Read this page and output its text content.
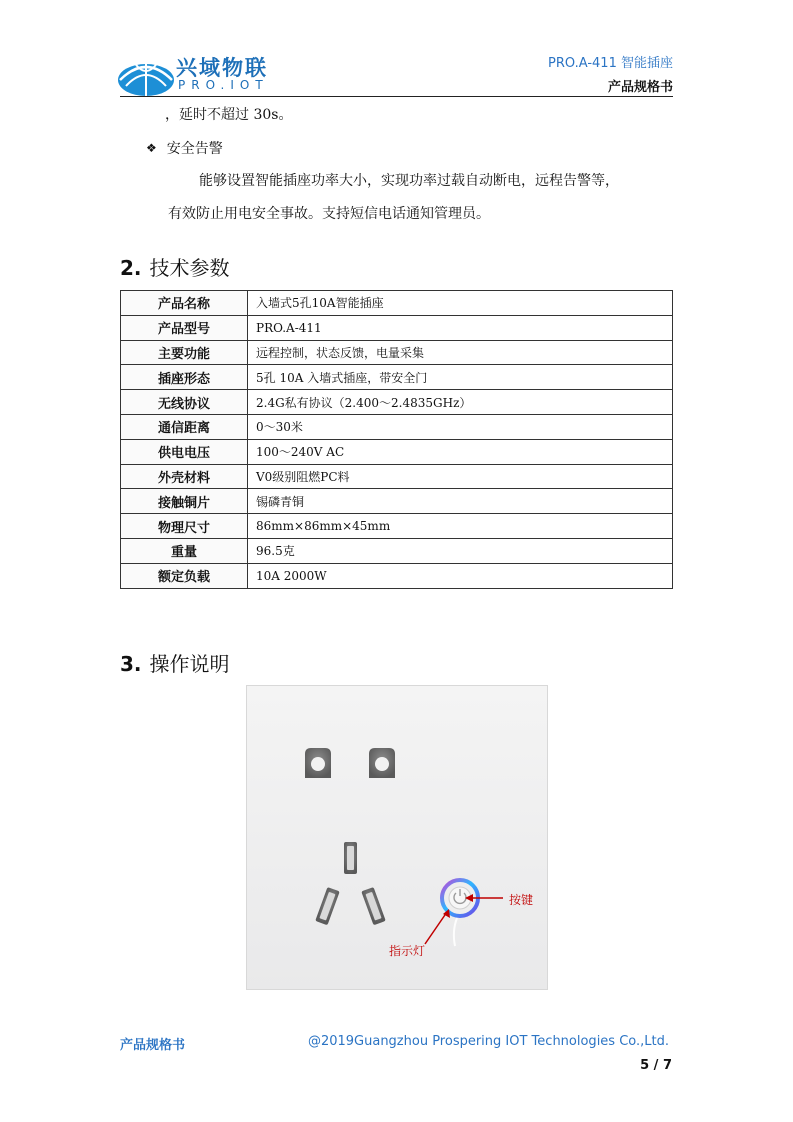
兴域物联
PRO.IOT
PRO.A-411 智能插座
产品规格书
，延时不超过 30s。
❖ 安全告警
能够设置智能插座功率大小，实现功率过载自动断电，远程告警等，
有效防止用电安全事故。支持短信电话通知管理员。
2. 技术参数
产品名称	入墙式5孔10A智能插座
产品型号	PRO.A-411
主要功能	远程控制，状态反馈，电量采集
插座形态	5孔 10A 入墙式插座，带安全门
无线协议	2.4G私有协议（2.400～2.4835GHz）
通信距离	0～30米
供电电压	100～240V AC
外壳材料	V0级别阻燃PC料
接触铜片	锡磷青铜
物理尺寸	86mm×86mm×45mm
重量	96.5克
额定负载	10A 2000W
3. 操作说明
按键
指示灯
产品规格书	@2019Guangzhou Prospering IOT Technologies Co.,Ltd.
5 / 7
